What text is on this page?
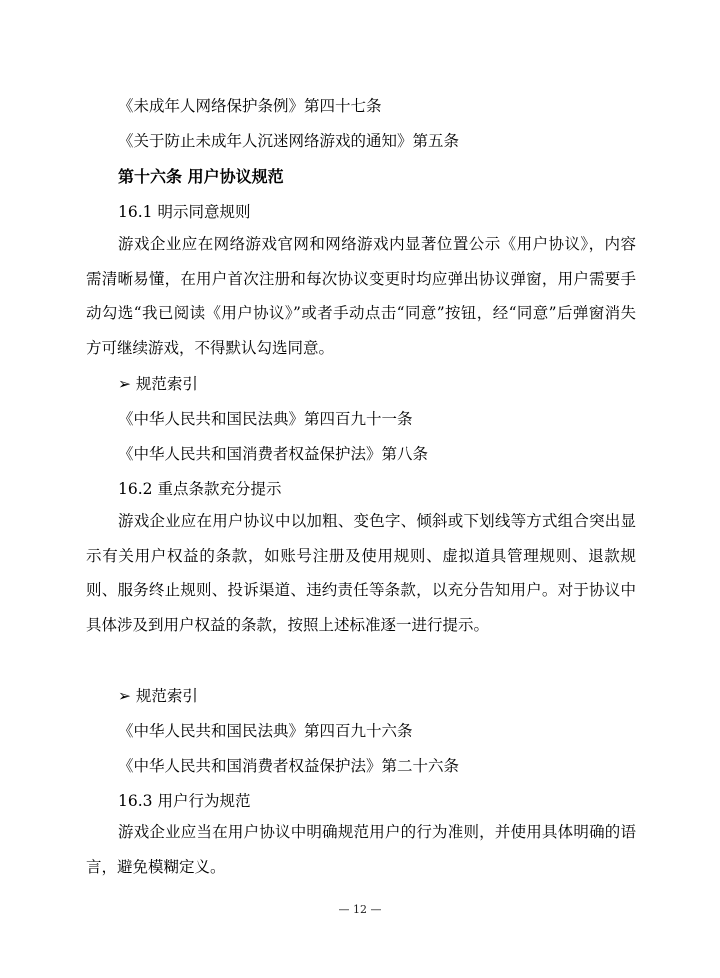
《未成年人网络保护条例》第四十七条
《关于防止未成年人沉迷网络游戏的通知》第五条
第十六条 用户协议规范
16.1 明示同意规则
游戏企业应在网络游戏官网和网络游戏内显著位置公示《用户协议》，内容需清晰易懂，在用户首次注册和每次协议变更时均应弹出协议弹窗，用户需要手动勾选“我已阅读《用户协议》”或者手动点击“同意”按钮，经“同意”后弹窗消失方可继续游戏，不得默认勾选同意。
➢ 规范索引
《中华人民共和国民法典》第四百九十一条
《中华人民共和国消费者权益保护法》第八条
16.2 重点条款充分提示
游戏企业应在用户协议中以加粗、变色字、倾斜或下划线等方式组合突出显示有关用户权益的条款，如账号注册及使用规则、虚拟道具管理规则、退款规则、服务终止规则、投诉渠道、违约责任等条款，以充分告知用户。对于协议中具体涉及到用户权益的条款，按照上述标准逐一进行提示。
➢ 规范索引
《中华人民共和国民法典》第四百九十六条
《中华人民共和国消费者权益保护法》第二十六条
16.3 用户行为规范
游戏企业应当在用户协议中明确规范用户的行为准则，并使用具体明确的语言，避免模糊定义。
— 12 —
